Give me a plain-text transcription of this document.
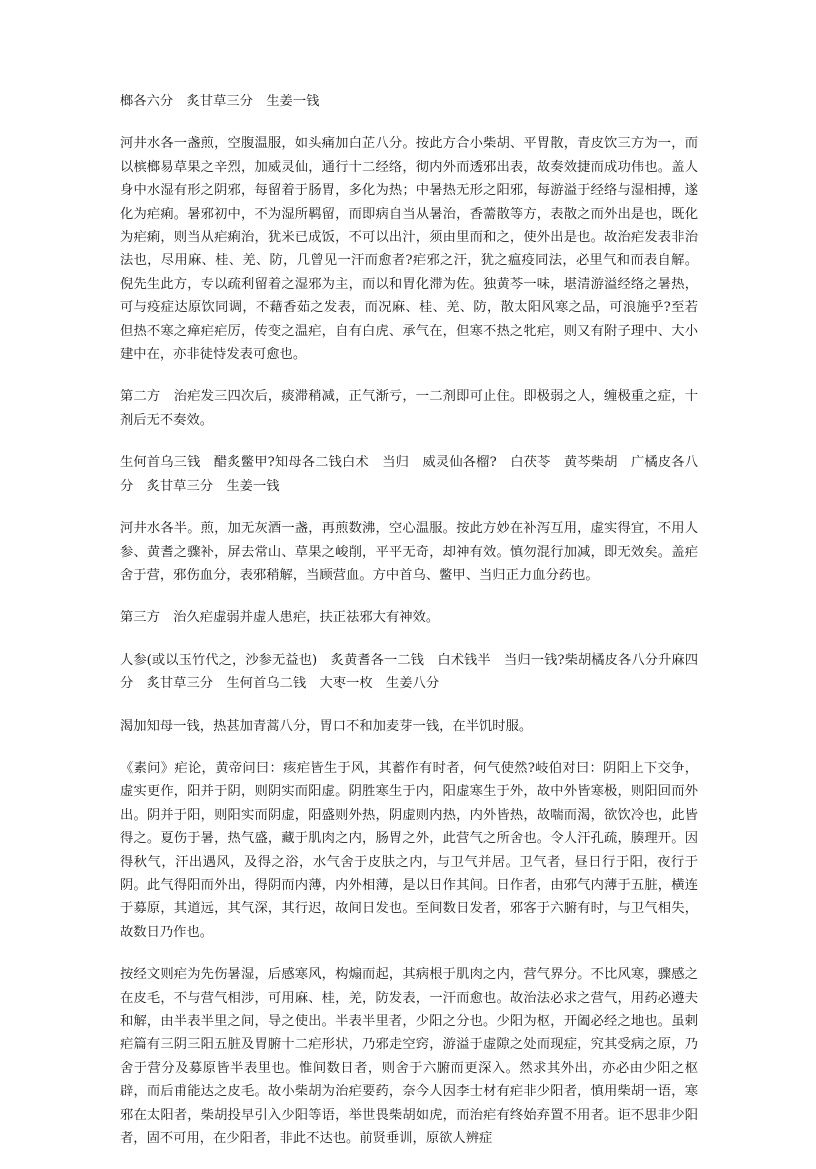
榔各六分　炙甘草三分　生姜一钱

河井水各一盏煎，空腹温服，如头痛加白芷八分。按此方合小柴胡、平胃散，青皮饮三方为一，而以槟榔易草果之辛烈，加威灵仙，通行十二经络，彻内外而透邪出表，故奏效捷而成功伟也。盖人身中水湿有形之阴邪，每留着于肠胃，多化为热；中暑热无形之阳邪，每游溢于经络与湿相搏，遂化为疟痢。暑邪初中，不为湿所羁留，而即病自当从暑治，香薷散等方，表散之而外出是也，既化为疟痢，则当从疟痢治，犹米已成饭，不可以出汁，须由里而和之，使外出是也。故治疟发表非治法也，尽用麻、桂、羌、防，几曾见一汗而愈者?疟邪之汗，犹之瘟疫同法，必里气和而表自解。倪先生此方，专以疏利留着之湿邪为主，而以和胃化滞为佐。独黄芩一味，堪清游溢经络之暑热，可与疫症达原饮同调，不藉香茹之发表，而况麻、桂、羌、防，散太阳风寒之品，可浪施乎?至若但热不寒之瘅疟疟厉，传变之温疟，自有白虎、承气在，但寒不热之牝疟，则又有附子理中、大小建中在，亦非徒恃发表可愈也。

第二方　治疟发三四次后，痰滞稍减，正气渐亏，一二剂即可止住。即极弱之人，缠极重之症，十剂后无不奏效。

生何首乌三钱　醋炙鳖甲?知母各二钱白术　当归　威灵仙各榴?　白茯苓　黄芩柴胡　广橘皮各八分　炙甘草三分　生姜一钱

河井水各半。煎，加无灰酒一盏，再煎数沸，空心温服。按此方妙在补泻互用，虚实得宜，不用人参、黄耆之骤补，屏去常山、草果之峻削，平平无奇，却神有效。慎勿混行加减，即无效矣。盖疟舍于营，邪伤血分，表邪稍解，当顾营血。方中首乌、鳖甲、当归正力血分药也。

第三方　治久疟虚弱并虚人患疟，扶正祛邪大有神效。

人参(或以玉竹代之，沙参无益也)　炙黄耆各一二钱　白术钱半　当归一钱?柴胡橘皮各八分升麻四分　炙甘草三分　生何首乌二钱　大枣一枚　生姜八分

渴加知母一钱，热甚加青蒿八分，胃口不和加麦芽一钱，在半饥时服。

《素问》疟论，黄帝问曰：痎疟皆生于风，其蓄作有时者，何气使然?岐伯对曰：阴阳上下交争，虚实更作，阳并于阴，则阴实而阳虚。阴胜寒生于内，阳虚寒生于外，故中外皆寒极，则阳回而外出。阴并于阳，则阳实而阴虚，阳盛则外热，阴虚则内热，内外皆热，故喘而渴，欲饮冷也，此皆得之。夏伤于暑，热气盛，藏于肌肉之内，肠胃之外，此营气之所舍也。令人汗孔疏，腠理开。因得秋气，汗出遇风，及得之浴，水气舍于皮肤之内，与卫气并居。卫气者，昼日行于阳，夜行于阴。此气得阳而外出，得阴而内薄，内外相薄，是以日作其间。日作者，由邪气内薄于五脏，横连于募原，其道远，其气深，其行迟，故间日发也。至间数日发者，邪客于六腑有时，与卫气相失，故数日乃作也。

按经文则疟为先伤暑湿，后感寒风，构煽而起，其病根于肌肉之内，营气界分。不比风寒，骤感之在皮毛，不与营气相涉，可用麻、桂，羌，防发表，一汗而愈也。故治法必求之营气，用药必遵夫和解，由半表半里之间，导之使出。半表半里者，少阳之分也。少阳为枢，开阖必经之地也。虽剌疟篇有三阴三阳五脏及胃腑十二疟形状，乃邪走空窍，游溢于虚隙之处而现症，究其受病之原，乃舍于营分及募原皆半表里也。惟间数日者，则舍于六腑而更深入。然求其外出，亦必由少阳之枢辟，而后甫能达之皮毛。故小柴胡为治疟要药，奈今人因李士材有疟非少阳者，慎用柴胡一语，寒邪在太阳者，柴胡投早引入少阳等语，举世畏柴胡如虎，而治疟有终始弃置不用者。讵不思非少阳者，固不可用，在少阳者，非此不达也。前贤垂训，原欲人辨症
